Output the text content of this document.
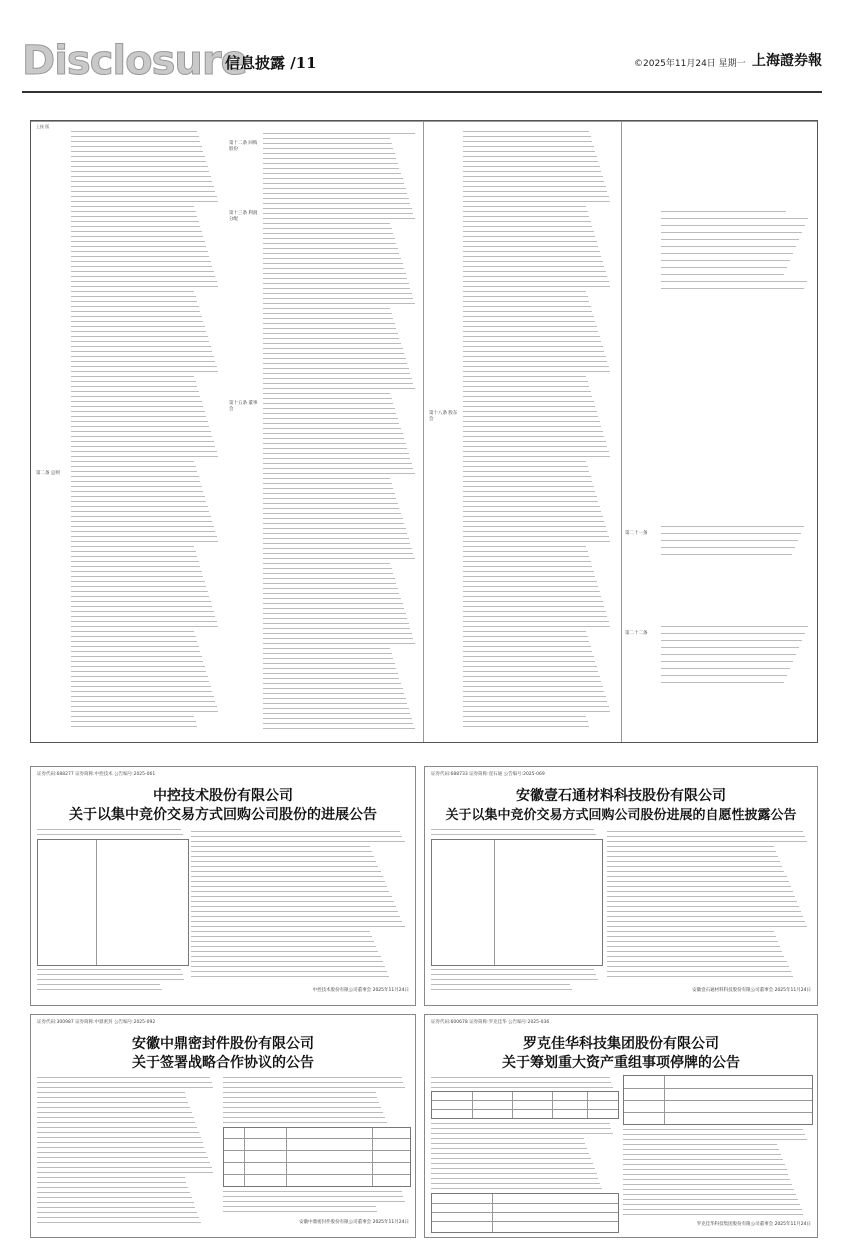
Disclosure
信息披露 /11	©2025年11月24日 星期一 上海證券報
上接 版
第二条 总则
第十二条 回购股份
第十三条 利润分配
第十五条 董事会
第十八条 股东会
第二十一条
第二十二条
证券代码:688277 证券简称:中控技术 公告编号:2025-061
中控技术股份有限公司
关于以集中竞价交易方式回购公司股份的进展公告
中控技术股份有限公司董事会 2025年11月24日
证券代码:688733 证券简称:壹石通 公告编号:2025-069
安徽壹石通材料科技股份有限公司
关于以集中竞价交易方式回购公司股份进展的自愿性披露公告
安徽壹石通材料科技股份有限公司董事会 2025年11月24日
证券代码:300987 证券简称:中鼎密封 公告编号:2025-092
安徽中鼎密封件股份有限公司
关于签署战略合作协议的公告
安徽中鼎密封件股份有限公司董事会 2025年11月24日
证券代码:600678 证券简称:罗克佳华 公告编号:2025-036
罗克佳华科技集团股份有限公司
关于筹划重大资产重组事项停牌的公告
罗克佳华科技集团股份有限公司董事会 2025年11月24日
